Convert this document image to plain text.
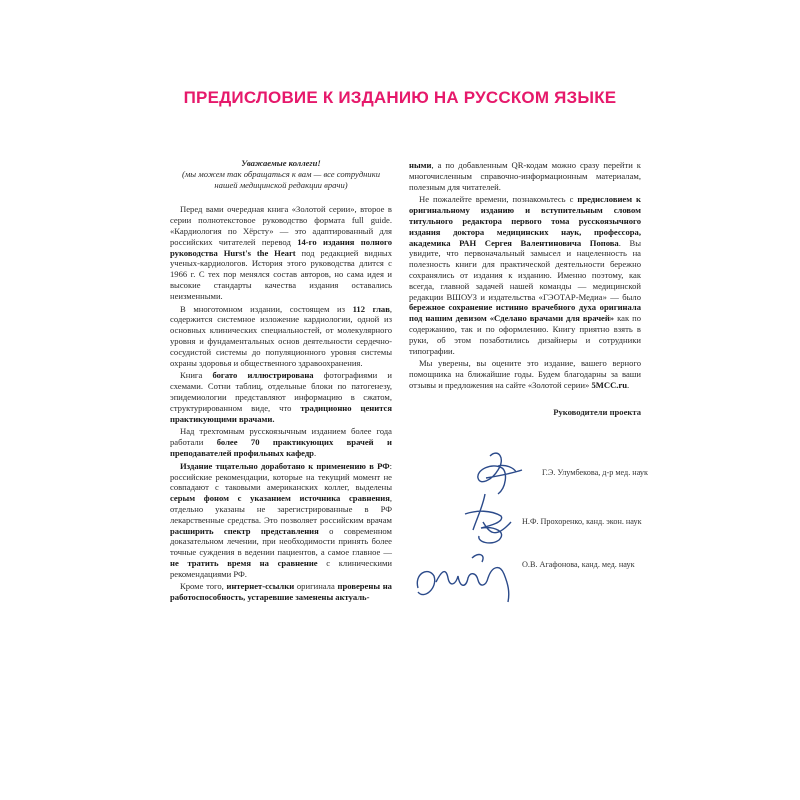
ПРЕДИСЛОВИЕ К ИЗДАНИЮ НА РУССКОМ ЯЗЫКЕ
Уважаемые коллеги!
(мы можем так обращаться к вам — все сотрудники нашей медицинской редакции врачи)

Перед вами очередная книга «Золотой серии», второе в серии полнотекстовое руководство формата full guide. «Кардиология по Хёрсту» — это адаптированный для российских читателей перевод 14-го издания полного руководства Hurst's the Heart под редакцией видных ученых-кардиологов. История этого руководства длится с 1966 г. С тех пор менялся состав авторов, но сама идея и высокие стандарты качества издания оставались неизменными.

В многотомном издании, состоящем из 112 глав, содержится системное изложение кардиологии, одной из основных клинических специальностей, от молекулярного уровня и фундаментальных основ деятельности сердечно-сосудистой системы до популяционного уровня системы охраны здоровья и общественного здравоохранения.

Книга богато иллюстрирована фотографиями и схемами. Сотни таблиц, отдельные блоки по патогенезу, эпидемиологии представляют информацию в сжатом, структурированном виде, что традиционно ценится практикующими врачами.

Над трехтомным русскоязычным изданием более года работали более 70 практикующих врачей и преподавателей профильных кафедр.

Издание тщательно доработано к применению в РФ: российские рекомендации, которые на текущий момент не совпадают с таковыми американских коллег, выделены серым фоном с указанием источника сравнения, отдельно указаны не зарегистрированные в РФ лекарственные средства. Это позволяет российским врачам расширить спектр представления о современном доказательном лечении, при необходимости принять более точные суждения в ведении пациентов, а самое главное — не тратить время на сравнение с клиническими рекомендациями РФ.

Кроме того, интернет-ссылки оригинала проверены на работоспособность, устаревшие заменены актуаль-

ными, а по добавленным QR-кодам можно сразу перейти к многочисленным справочно-информационным материалам, полезным для читателей.

Не пожалейте времени, познакомьтесь с предисловием к оригинальному изданию и вступительным словом титульного редактора первого тома русскоязычного издания доктора медицинских наук, профессора, академика РАН Сергея Валентиновича Попова. Вы увидите, что первоначальный замысел и нацеленность на полезность книги для практической деятельности бережно сохранялись от издания к изданию. Именно поэтому, как всегда, главной задачей нашей команды — медицинской редакции ВШОУЗ и издательства «ГЭОТАР-Медиа» — было бережное сохранение истинно врачебного духа оригинала под нашим девизом «Сделано врачами для врачей» как по содержанию, так и по оформлению. Книгу приятно взять в руки, об этом позаботились дизайнеры и сотрудники типографии.

Мы уверены, вы оцените это издание, вашего верного помощника на ближайшие годы. Будем благодарны за ваши отзывы и предложения на сайте «Золотой серии» 5MCC.ru.

Руководители проекта
Г.Э. Улумбекова, д-р мед. наук
Н.Ф. Прохоренко, канд. экон. наук
О.В. Агафонова, канд. мед. наук
